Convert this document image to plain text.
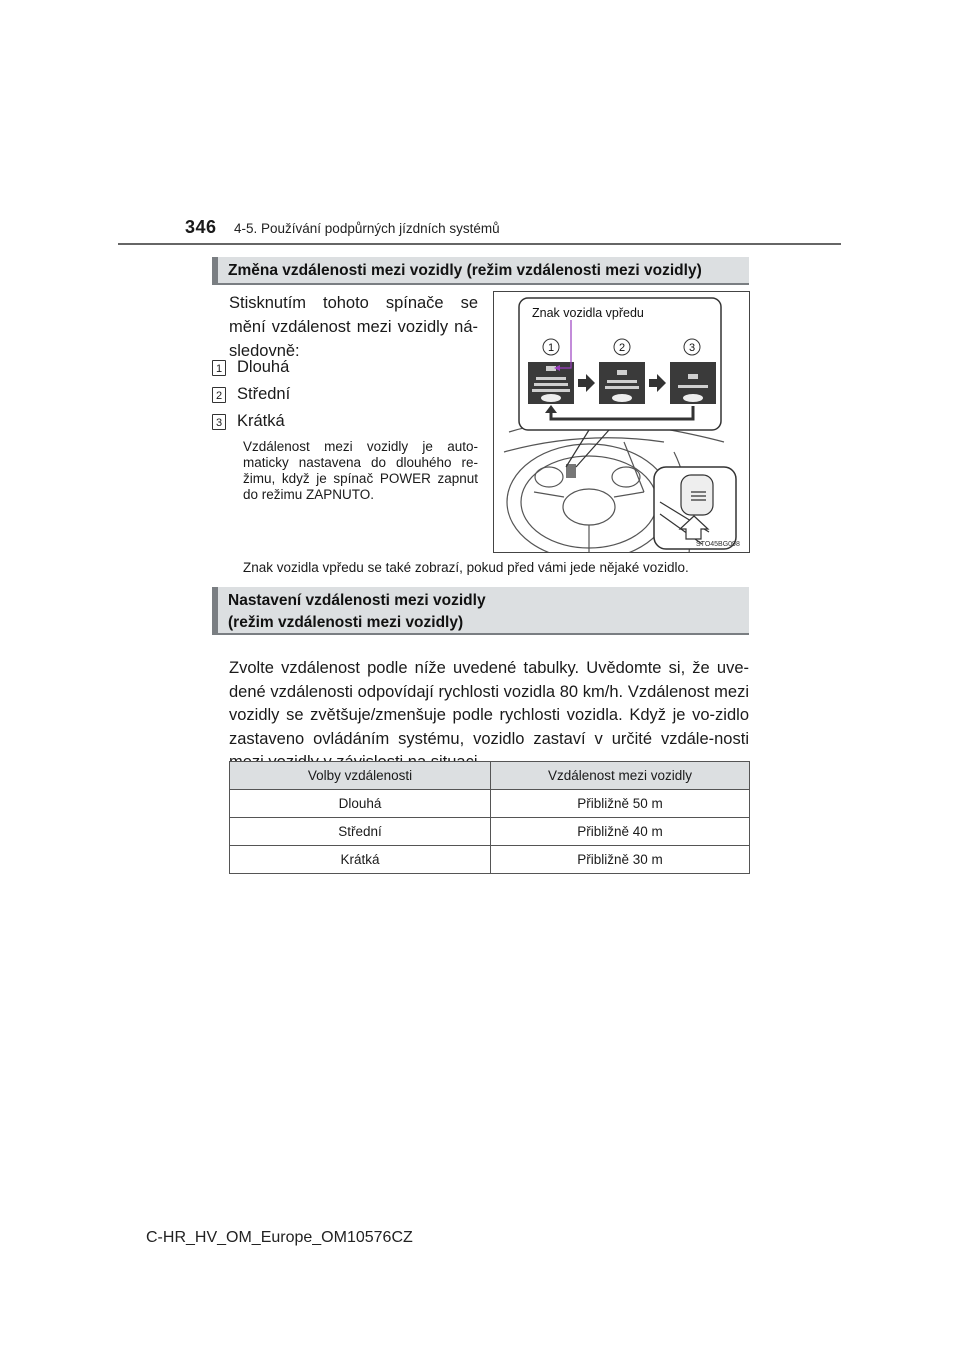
346 4-5. Používání podpůrných jízdních systémů
Změna vzdálenosti mezi vozidly (režim vzdálenosti mezi vozidly)
Stisknutím tohoto spínače se mění vzdálenost mezi vozidly ná-sledovně:
1 Dlouhá
2 Střední
3 Krátká
Vzdálenost mezi vozidly je auto-maticky nastavena do dlouhého re-žimu, když je spínač POWER zapnut do režimu ZAPNUTO.
1	2	3
Znak vozidla vpředu
STO45BG098
Znak vozidla vpředu se také zobrazí, pokud před vámi jede nějaké vozidlo.
Nastavení vzdálenosti mezi vozidly
(režim vzdálenosti mezi vozidly)
Zvolte vzdálenost podle níže uvedené tabulky. Uvědomte si, že uve-dené vzdálenosti odpovídají rychlosti vozidla 80 km/h. Vzdálenost mezi vozidly se zvětšuje/zmenšuje podle rychlosti vozidla. Když je vo-zidlo zastaveno ovládáním systému, vozidlo zastaví v určité vzdále-nosti
Volby vzdálenosti	Vzdálenost mezi vozidly
Dlouhá	Přibližně 50 m
Střední	Přibližně 40 m
Krátká	Přibližně 30 m
C-HR_HV_OM_Europe_OM10576CZ
